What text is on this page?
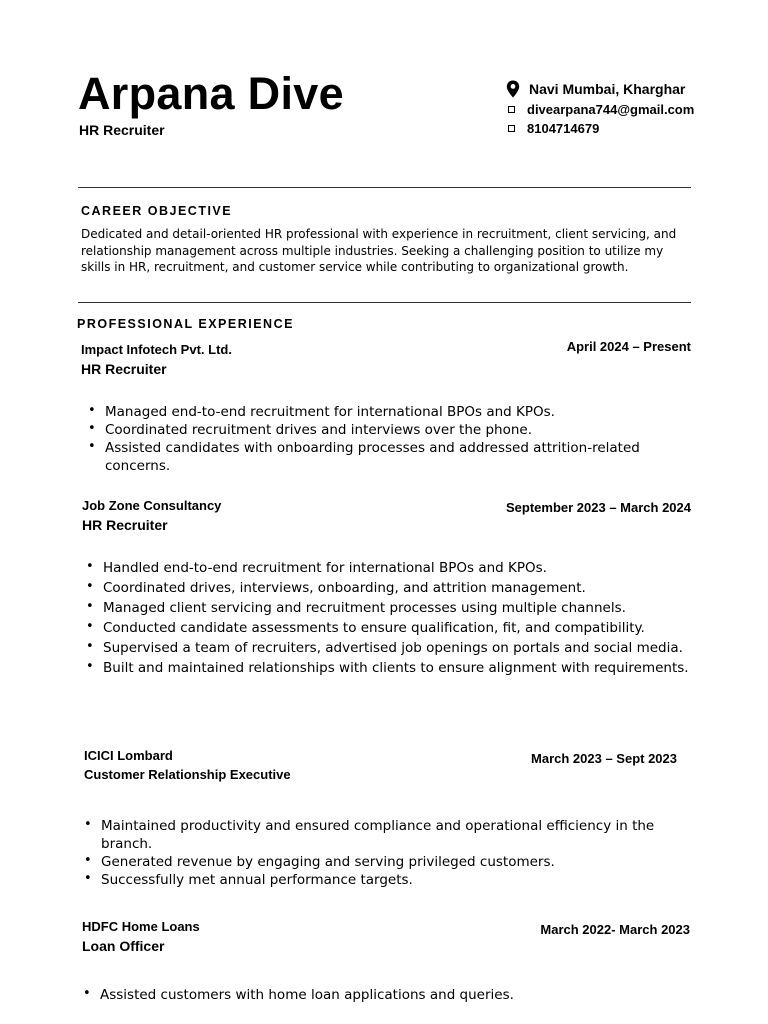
Arpana Dive
HR Recruiter
Navi Mumbai, Kharghar
divearpana744@gmail.com
8104714679
CAREER OBJECTIVE
Dedicated and detail-oriented HR professional with experience in recruitment, client servicing, and relationship management across multiple industries. Seeking a challenging position to utilize my skills in HR, recruitment, and customer service while contributing to organizational growth.
PROFESSIONAL EXPERIENCE
Impact Infotech Pvt. Ltd.	April 2024 – Present
HR Recruiter
• Managed end-to-end recruitment for international BPOs and KPOs.
• Coordinated recruitment drives and interviews over the phone.
• Assisted candidates with onboarding processes and addressed attrition-related concerns.
Job Zone Consultancy	September 2023 – March 2024
HR Recruiter
• Handled end-to-end recruitment for international BPOs and KPOs.
• Coordinated drives, interviews, onboarding, and attrition management.
• Managed client servicing and recruitment processes using multiple channels.
• Conducted candidate assessments to ensure qualification, fit, and compatibility.
• Supervised a team of recruiters, advertised job openings on portals and social media.
• Built and maintained relationships with clients to ensure alignment with requirements.
ICICI Lombard	March 2023 – Sept 2023
Customer Relationship Executive
• Maintained productivity and ensured compliance and operational efficiency in the branch.
• Generated revenue by engaging and serving privileged customers.
• Successfully met annual performance targets.
HDFC Home Loans	March 2022- March 2023
Loan Officer
• Assisted customers with home loan applications and queries.
